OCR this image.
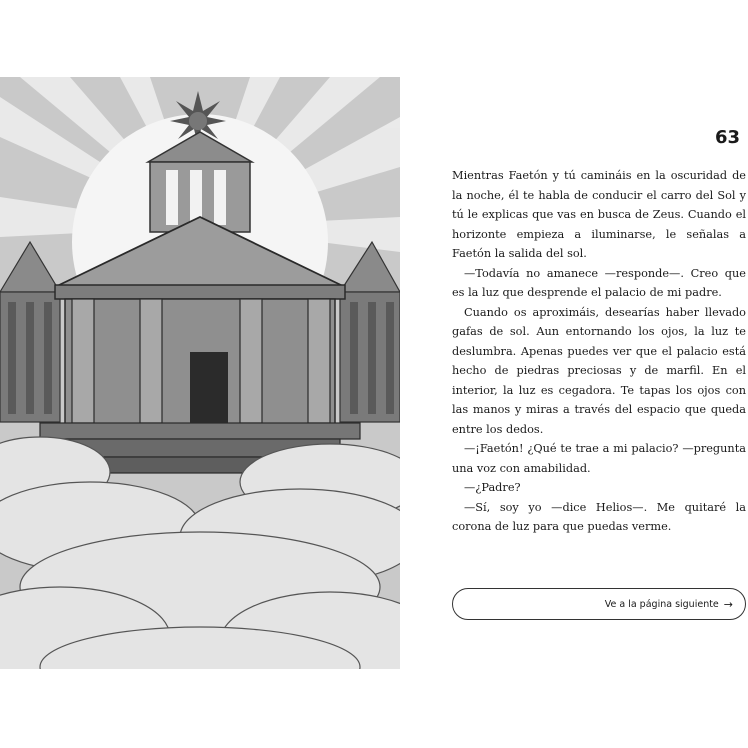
63

Mientras Faetón y tú camináis en la oscuridad de la noche, él te habla de conducir el carro del Sol y tú le explicas que vas en busca de Zeus. Cuando el horizonte empieza a iluminarse, le señalas a Faetón la salida del sol.

—Todavía no amanece —responde—. Creo que es la luz que desprende el palacio de mi padre.

Cuando os aproximáis, desearías haber llevado gafas de sol. Aun entornando los ojos, la luz te deslumbra. Apenas puedes ver que el palacio está hecho de piedras preciosas y de marfil. En el interior, la luz es cegadora. Te tapas los ojos con las manos y miras a través del espacio que queda entre los dedos.

—¡Faetón! ¿Qué te trae a mi palacio? —pregunta una voz con amabilidad.

—¿Padre?

—Sí, soy yo —dice Helios—. Me quitaré la corona de luz para que puedas verme.

Ve a la página siguiente →
